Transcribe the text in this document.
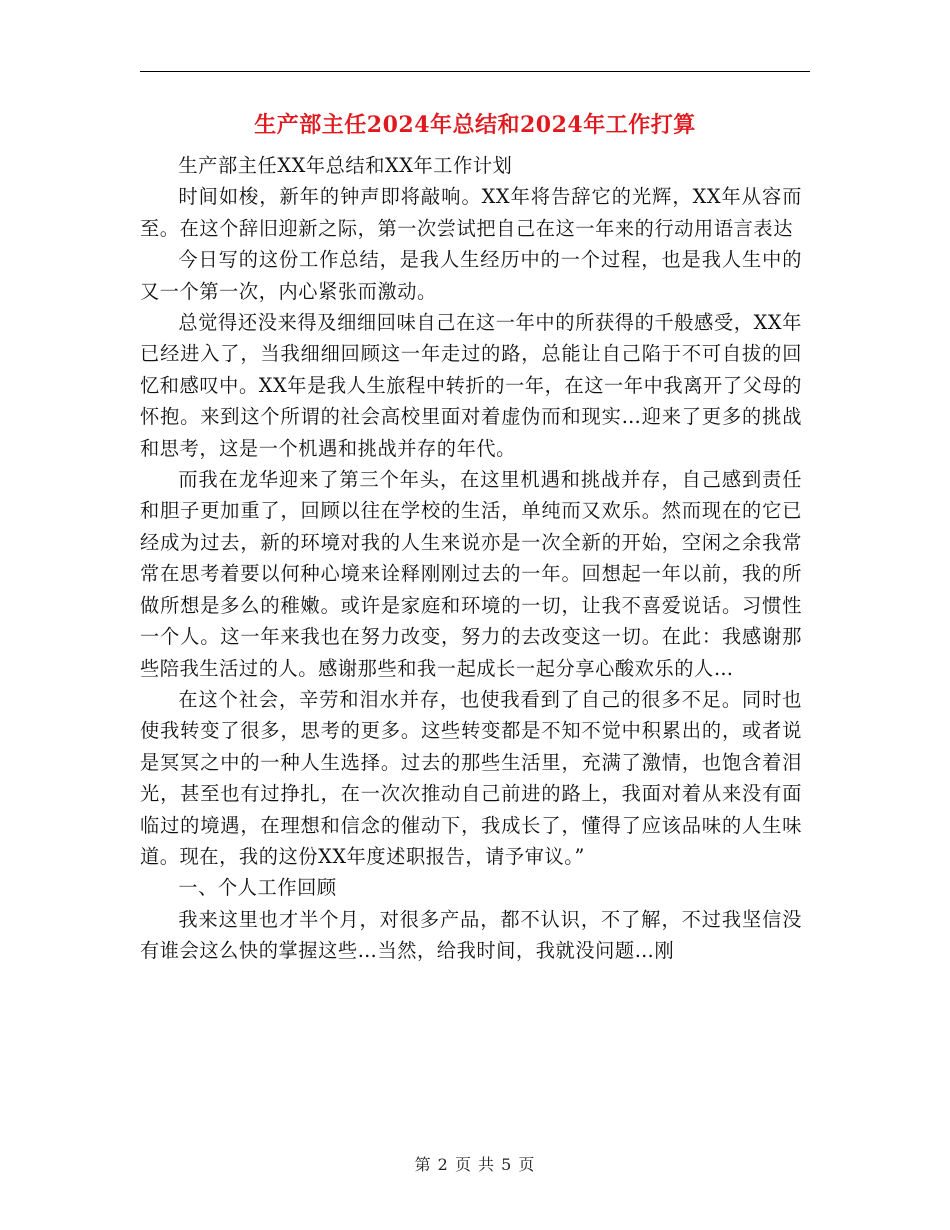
生产部主任2024年总结和2024年工作打算

生产部主任XX年总结和XX年工作计划

时间如梭，新年的钟声即将敲响。XX年将告辞它的光辉，XX年从容而至。在这个辞旧迎新之际，第一次尝试把自己在这一年来的行动用语言表达

今日写的这份工作总结，是我人生经历中的一个过程，也是我人生中的又一个第一次，内心紧张而激动。

总觉得还没来得及细细回味自己在这一年中的所获得的千般感受，XX年已经进入了，当我细细回顾这一年走过的路，总能让自己陷于不可自拔的回忆和感叹中。XX年是我人生旅程中转折的一年，在这一年中我离开了父母的怀抱。来到这个所谓的社会高校里面对着虚伪而和现实…迎来了更多的挑战和思考，这是一个机遇和挑战并存的年代。

而我在龙华迎来了第三个年头，在这里机遇和挑战并存，自己感到责任和胆子更加重了，回顾以往在学校的生活，单纯而又欢乐。然而现在的它已经成为过去，新的环境对我的人生来说亦是一次全新的开始，空闲之余我常常在思考着要以何种心境来诠释刚刚过去的一年。回想起一年以前，我的所做所想是多么的稚嫩。或许是家庭和环境的一切，让我不喜爱说话。习惯性一个人。这一年来我也在努力改变，努力的去改变这一切。在此：我感谢那些陪我生活过的人。感谢那些和我一起成长一起分享心酸欢乐的人…

在这个社会，辛劳和泪水并存，也使我看到了自己的很多不足。同时也使我转变了很多，思考的更多。这些转变都是不知不觉中积累出的，或者说是冥冥之中的一种人生选择。过去的那些生活里，充满了激情，也饱含着泪光，甚至也有过挣扎，在一次次推动自己前进的路上，我面对着从来没有面临过的境遇，在理想和信念的催动下，我成长了，懂得了应该品味的人生味道。现在，我的这份XX年度述职报告，请予审议。”

一、个人工作回顾

我来这里也才半个月，对很多产品，都不认识，不了解，不过我坚信没有谁会这么快的掌握这些…当然，给我时间，我就没问题…刚

第 2 页 共 5 页
